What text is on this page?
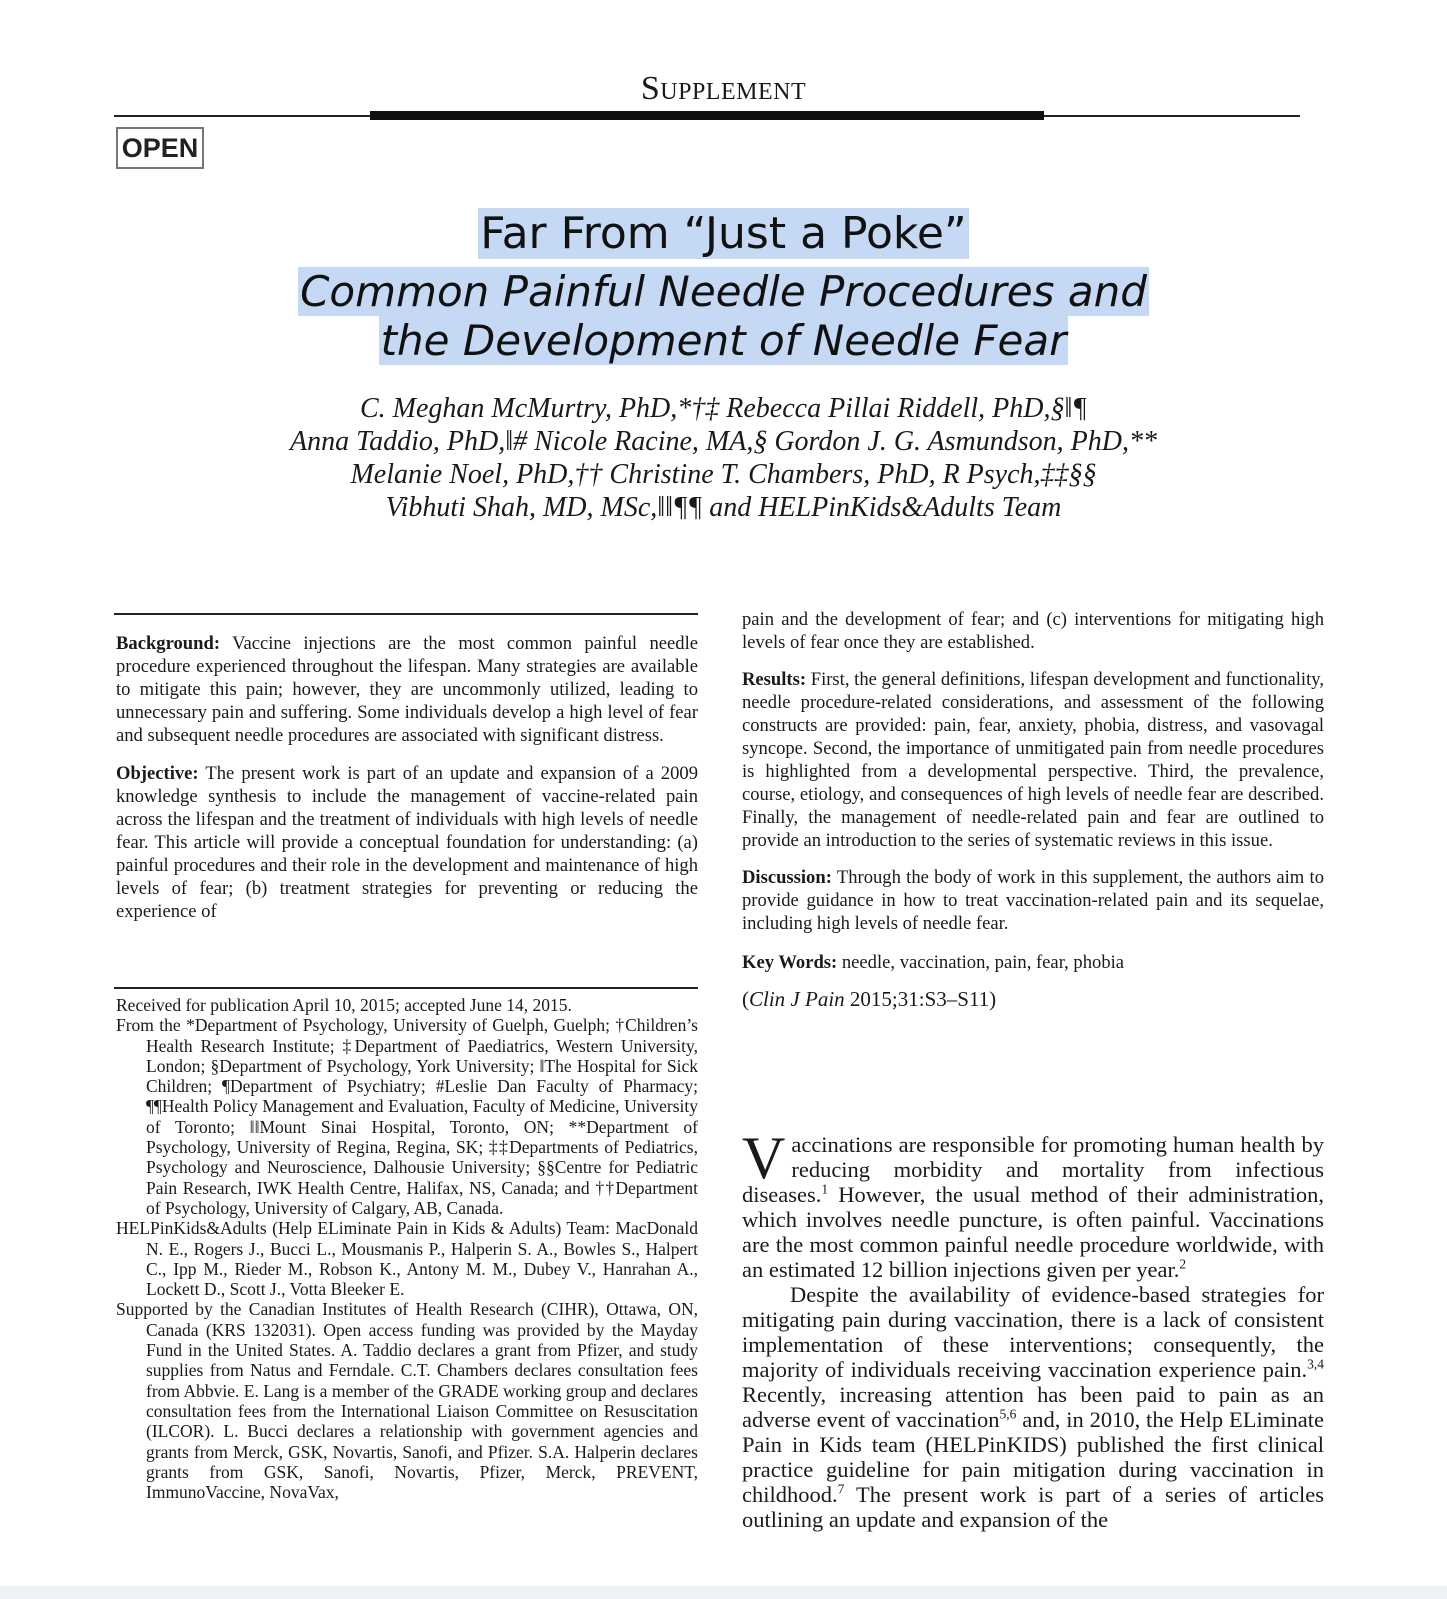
Supplement
OPEN
Far From “Just a Poke”
Common Painful Needle Procedures and
the Development of Needle Fear
C. Meghan McMurtry, PhD,*†‡ Rebecca Pillai Riddell, PhD,§‖¶
Anna Taddio, PhD,‖# Nicole Racine, MA,§ Gordon J. G. Asmundson, PhD,**
Melanie Noel, PhD,†† Christine T. Chambers, PhD, R Psych,‡‡§§
Vibhuti Shah, MD, MSc,‖‖¶¶ and HELPinKids&Adults Team

Background: Vaccine injections are the most common painful needle procedure experienced throughout the lifespan. Many strategies are available to mitigate this pain; however, they are uncommonly utilized, leading to unnecessary pain and suffering. Some individuals develop a high level of fear and subsequent needle procedures are associated with significant distress.

Objective: The present work is part of an update and expansion of a 2009 knowledge synthesis to include the management of vaccine-related pain across the lifespan and the treatment of individuals with high levels of needle fear. This article will provide a conceptual foundation for understanding: (a) painful procedures and their role in the development and maintenance of high levels of fear; (b) treatment strategies for preventing or reducing the experience of

Received for publication April 10, 2015; accepted June 14, 2015.

From the *Department of Psychology, University of Guelph, Guelph; †Children’s Health Research Institute; ‡Department of Paediatrics, Western University, London; §Department of Psychology, York University; ‖The Hospital for Sick Children; ¶Department of Psychiatry; #Leslie Dan Faculty of Pharmacy; ¶¶Health Policy Management and Evaluation, Faculty of Medicine, University of Toronto; ‖‖Mount Sinai Hospital, Toronto, ON; **Department of Psychology, University of Regina, Regina, SK; ‡‡Departments of Pediatrics, Psychology and Neuroscience, Dalhousie University; §§Centre for Pediatric Pain Research, IWK Health Centre, Halifax, NS, Canada; and ††Department of Psychology, University of Calgary, AB, Canada.

HELPinKids&Adults (Help ELiminate Pain in Kids & Adults) Team: MacDonald N. E., Rogers J., Bucci L., Mousmanis P., Halperin S. A., Bowles S., Halpert C., Ipp M., Rieder M., Robson K., Antony M. M., Dubey V., Hanrahan A., Lockett D., Scott J., Votta Bleeker E.

Supported by the Canadian Institutes of Health Research (CIHR), Ottawa, ON, Canada (KRS 132031). Open access funding was provided by the Mayday Fund in the United States. A. Taddio declares a grant from Pfizer, and study supplies from Natus and Ferndale. C.T. Chambers declares consultation fees from Abbvie. E. Lang is a member of the GRADE working group and declares consultation fees from the International Liaison Committee on Resuscitation (ILCOR). L. Bucci declares a relationship with government agencies and grants from Merck, GSK, Novartis, Sanofi, and Pfizer. S.A. Halperin declares grants from GSK, Sanofi, Novartis, Pfizer, Merck, PREVENT, ImmunoVaccine, NovaVax,

pain and the development of fear; and (c) interventions for mitigating high levels of fear once they are established.

Results: First, the general definitions, lifespan development and functionality, needle procedure-related considerations, and assessment of the following constructs are provided: pain, fear, anxiety, phobia, distress, and vasovagal syncope. Second, the importance of unmitigated pain from needle procedures is highlighted from a developmental perspective. Third, the prevalence, course, etiology, and consequences of high levels of needle fear are described. Finally, the management of needle-related pain and fear are outlined to provide an introduction to the series of systematic reviews in this issue.

Discussion: Through the body of work in this supplement, the authors aim to provide guidance in how to treat vaccination-related pain and its sequelae, including high levels of needle fear.

Key Words: needle, vaccination, pain, fear, phobia

(Clin J Pain 2015;31:S3–S11)

Vaccinations are responsible for promoting human health by reducing morbidity and mortality from infectious diseases.$^1$ However, the usual method of their administration, which involves needle puncture, is often painful. Vaccinations are the most common painful needle procedure worldwide, with an estimated 12 billion injections given per year.$^2$

Despite the availability of evidence-based strategies for mitigating pain during vaccination, there is a lack of consistent implementation of these interventions; consequently, the majority of individuals receiving vaccination experience pain.$^{3,4}$ Recently, increasing attention has been paid to pain as an adverse event of vaccination$^{5,6}$ and, in 2010, the Help ELiminate Pain in Kids team (HELPinKIDS) published the first clinical practice guideline for pain mitigation during vaccination in childhood.$^7$ The present work is part of a series of articles outlining an update and expansion of the
